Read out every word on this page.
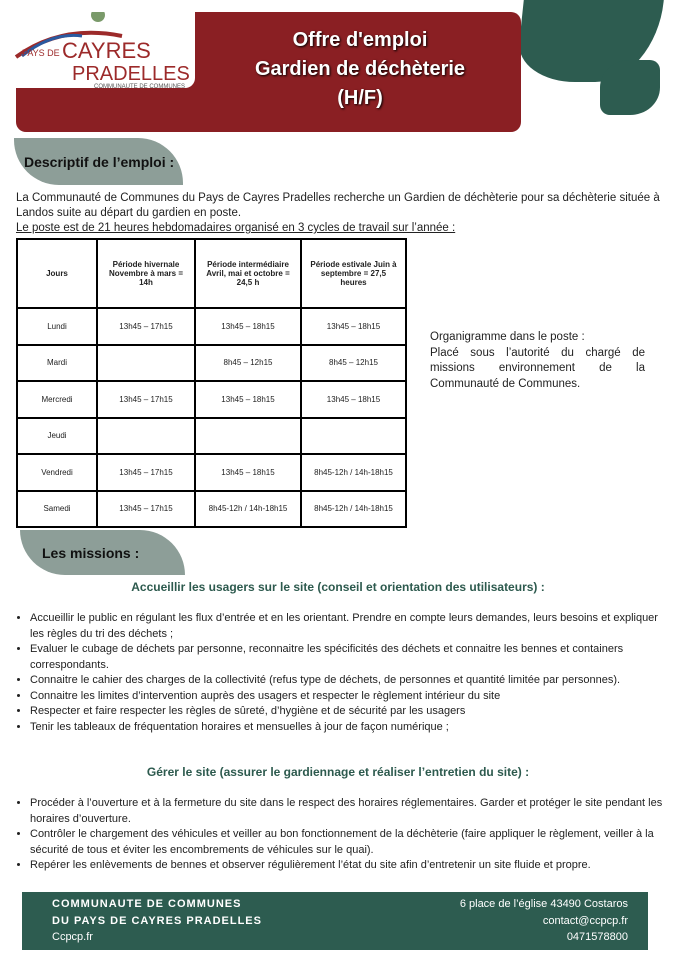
Offre d'emploi
Gardien de déchèterie
(H/F)
PAYS DE CAYRES
PRADELLES
COMMUNAUTE DE COMMUNES
Descriptif de l’emploi :
La Communauté de Communes du Pays de Cayres Pradelles recherche un Gardien de déchèterie pour sa déchèterie située à Landos suite au départ du gardien en poste.
Le poste est de 21 heures hebdomadaires organisé en 3 cycles de travail sur l’année :
Jours	Période hivernale Novembre à mars = 14h	Période intermédiaire Avril, mai et octobre = 24,5 h	Période estivale Juin à septembre = 27,5 heures
Lundi	13h45 – 17h15	13h45 – 18h15	13h45 – 18h15
Mardi		8h45 – 12h15	8h45 – 12h15
Mercredi	13h45 – 17h15	13h45 – 18h15	13h45 – 18h15
Jeudi			
Vendredi	13h45 – 17h15	13h45 – 18h15	8h45-12h / 14h-18h15
Samedi	13h45 – 17h15	8h45-12h / 14h-18h15	8h45-12h / 14h-18h15
Organigramme dans le poste :
Placé sous l’autorité du chargé de missions environnement de la Communauté de Communes.
Les missions :
Accueillir les usagers sur le site (conseil et orientation des utilisateurs) :
• Accueillir le public en régulant les flux d’entrée et en les orientant. Prendre en compte leurs demandes, leurs besoins et expliquer les règles du tri des déchets ;
• Evaluer le cubage de déchets par personne, reconnaitre les spécificités des déchets et connaitre les bennes et containers correspondants.
• Connaitre le cahier des charges de la collectivité (refus type de déchets, de personnes et quantité limitée par personnes).
• Connaitre les limites d’intervention auprès des usagers et respecter le règlement intérieur du site
• Respecter et faire respecter les règles de sûreté, d’hygiène et de sécurité par les usagers
• Tenir les tableaux de fréquentation horaires et mensuelles à jour de façon numérique ;
Gérer le site (assurer le gardiennage et réaliser l’entretien du site) :
• Procéder à l’ouverture et à la fermeture du site dans le respect des horaires réglementaires. Garder et protéger le site pendant les horaires d’ouverture.
• Contrôler le chargement des véhicules et veiller au bon fonctionnement de la déchèterie (faire appliquer le règlement, veiller à la sécurité de tous et éviter les encombrements de véhicules sur le quai).
• Repérer les enlèvements de bennes et observer régulièrement l’état du site afin d’entretenir un site fluide et propre.
COMMUNAUTE DE COMMUNES
DU PAYS DE CAYRES PRADELLES
Ccpcp.fr
6 place de l’église 43490 Costaros
contact@ccpcp.fr
0471578800
